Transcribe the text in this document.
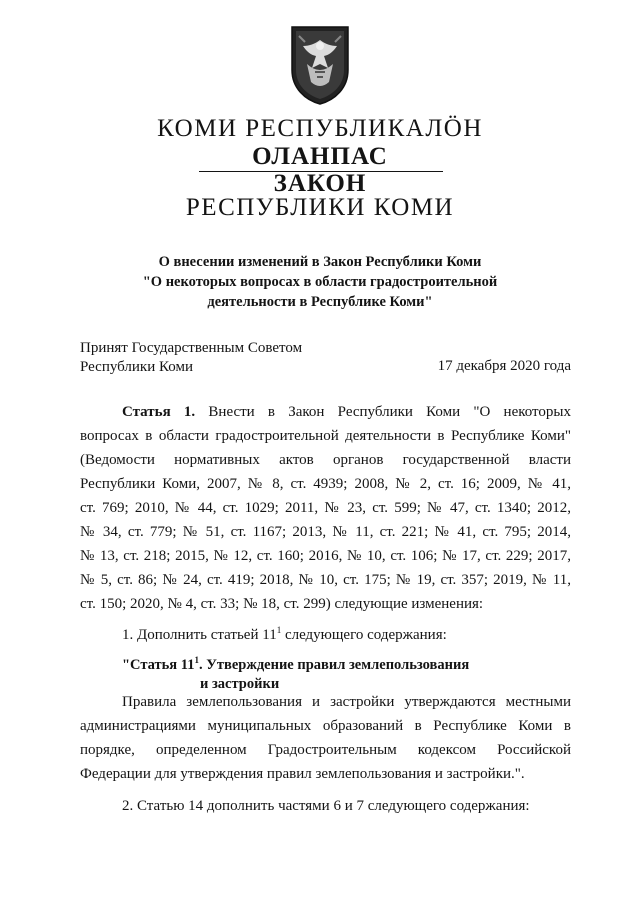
КОМИ РЕСПУБЛИКАЛӦН
ОЛАНПАС
ЗАКОН
РЕСПУБЛИКИ КОМИ
О внесении изменений в Закон Республики Коми
"О некоторых вопросах в области градостроительной
деятельности в Республике Коми"
Принят Государственным Советом
Республики Коми	17 декабря 2020 года
Статья 1. Внести в Закон Республики Коми "О некоторых
вопросах в области градостроительной деятельности в Республике Коми"
(Ведомости нормативных актов органов государственной власти
Республики Коми, 2007, № 8, ст. 4939; 2008, № 2, ст. 16; 2009, № 41,
ст. 769; 2010, № 44, ст. 1029; 2011, № 23, ст. 599; № 47, ст. 1340; 2012,
№ 34, ст. 779; № 51, ст. 1167; 2013, № 11, ст. 221; № 41, ст. 795; 2014,
№ 13, ст. 218; 2015, № 12, ст. 160; 2016, № 10, ст. 106; № 17, ст. 229; 2017,
№ 5, ст. 86; № 24, ст. 419; 2018, № 10, ст. 175; № 19, ст. 357; 2019, № 11,
ст. 150; 2020, № 4, ст. 33; № 18, ст. 299) следующие изменения:
1. Дополнить статьей $11^1$ следующего содержания:
"Статья $11^1$. Утверждение правил землепользования
и застройки
Правила землепользования и застройки утверждаются местными
администрациями муниципальных образований в Республике Коми в
порядке, определенном Градостроительным кодексом Российской
Федерации для утверждения правил землепользования и застройки.".
2. Статью 14 дополнить частями 6 и 7 следующего содержания:
